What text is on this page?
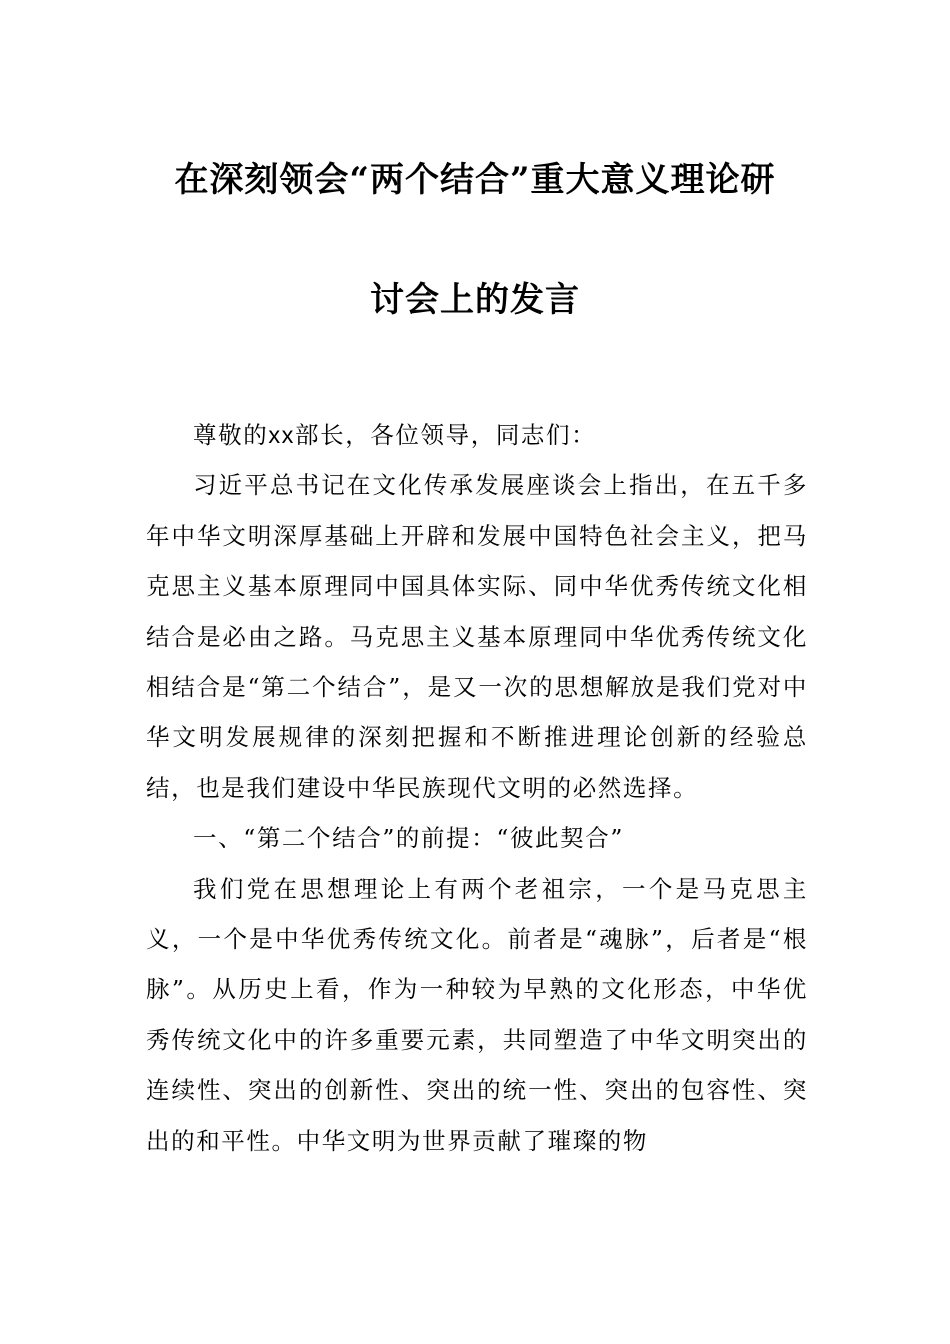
在深刻领会“两个结合”重大意义理论研
讨会上的发言

尊敬的xx部长，各位领导，同志们：

习近平总书记在文化传承发展座谈会上指出，在五千多年中华文明深厚基础上开辟和发展中国特色社会主义，把马克思主义基本原理同中国具体实际、同中华优秀传统文化相结合是必由之路。马克思主义基本原理同中华优秀传统文化相结合是“第二个结合”，是又一次的思想解放是我们党对中华文明发展规律的深刻把握和不断推进理论创新的经验总结，也是我们建设中华民族现代文明的必然选择。

一、“第二个结合”的前提：“彼此契合”

我们党在思想理论上有两个老祖宗，一个是马克思主义，一个是中华优秀传统文化。前者是“魂脉”，后者是“根脉”。从历史上看，作为一种较为早熟的文化形态，中华优秀传统文化中的许多重要元素，共同塑造了中华文明突出的连续性、突出的创新性、突出的统一性、突出的包容性、突出的和平性。中华文明为世界贡献了璀璨的物
